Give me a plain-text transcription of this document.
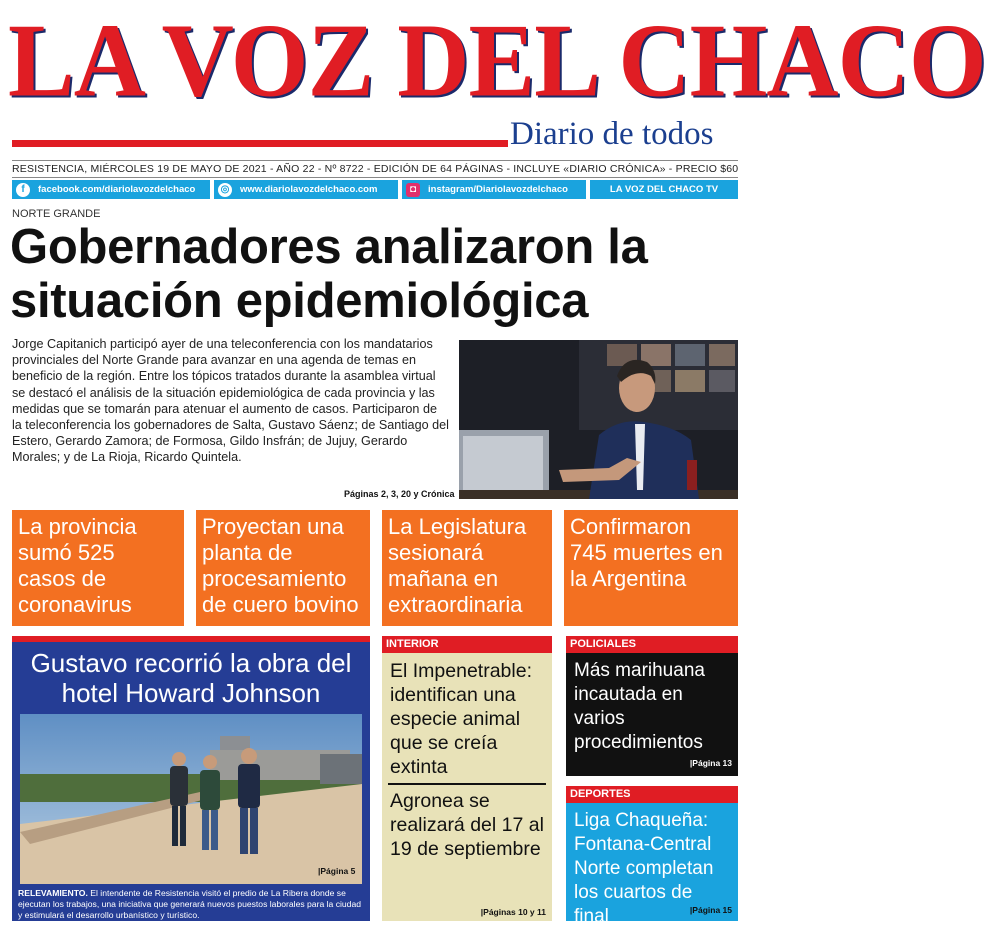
LA VOZ DEL CHACO
Diario de todos
RESISTENCIA, MIÉRCOLES 19 DE MAYO DE 2021 - AÑO 22 - Nº 8722 - EDICIÓN DE 64 PÁGINAS - INCLUYE «DIARIO CRÓNICA» - PRECIO $60
f	facebook.com/diariolavozdelchaco	◎ www.diariolavozdelchaco.com	◘	instagram/Diariolavozdelchaco	LA VOZ DEL CHACO TV
NORTE GRANDE
Gobernadores analizaron la situación epidemiológica
Jorge Capitanich participó ayer de una teleconferencia con los mandatarios provinciales del Norte Grande para avanzar en una agenda de temas en beneficio de la región. Entre los tópicos tratados durante la asamblea virtual se destacó el análisis de la situación epidemiológica de cada provincia y las medidas que se tomarán para atenuar el aumento de casos. Participaron de la teleconferencia los gobernadores de Salta, Gustavo Sáenz; de Santiago del Estero, Gerardo Zamora; de Formosa, Gildo Insfrán; de Jujuy, Gerardo Morales; y de La Rioja, Ricardo Quintela.
Páginas 2, 3, 20 y Crónica
La provincia sumó 525 casos de coronavirus
Proyectan una planta de procesamiento de cuero bovino
La Legislatura sesionará mañana en extraordinaria
Confirmaron 745 muertes en la Argentina
Gustavo recorrió la obra del hotel Howard Johnson
|Página 5
RELEVAMIENTO. El intendente de Resistencia visitó el predio de La Ribera donde se ejecutan los trabajos, una iniciativa que generará nuevos puestos laborales para la ciudad y estimulará el desarrollo urbanístico y turístico.
INTERIOR
El Impenetrable: identifican una especie animal que se creía extinta
Agronea se realizará del 17 al 19 de septiembre
|Páginas 10 y 11
POLICIALES
Más marihuana incautada en varios procedimientos
|Página 13
DEPORTES
Liga Chaqueña: Fontana-Central Norte completan los cuartos de final	|Página 15
